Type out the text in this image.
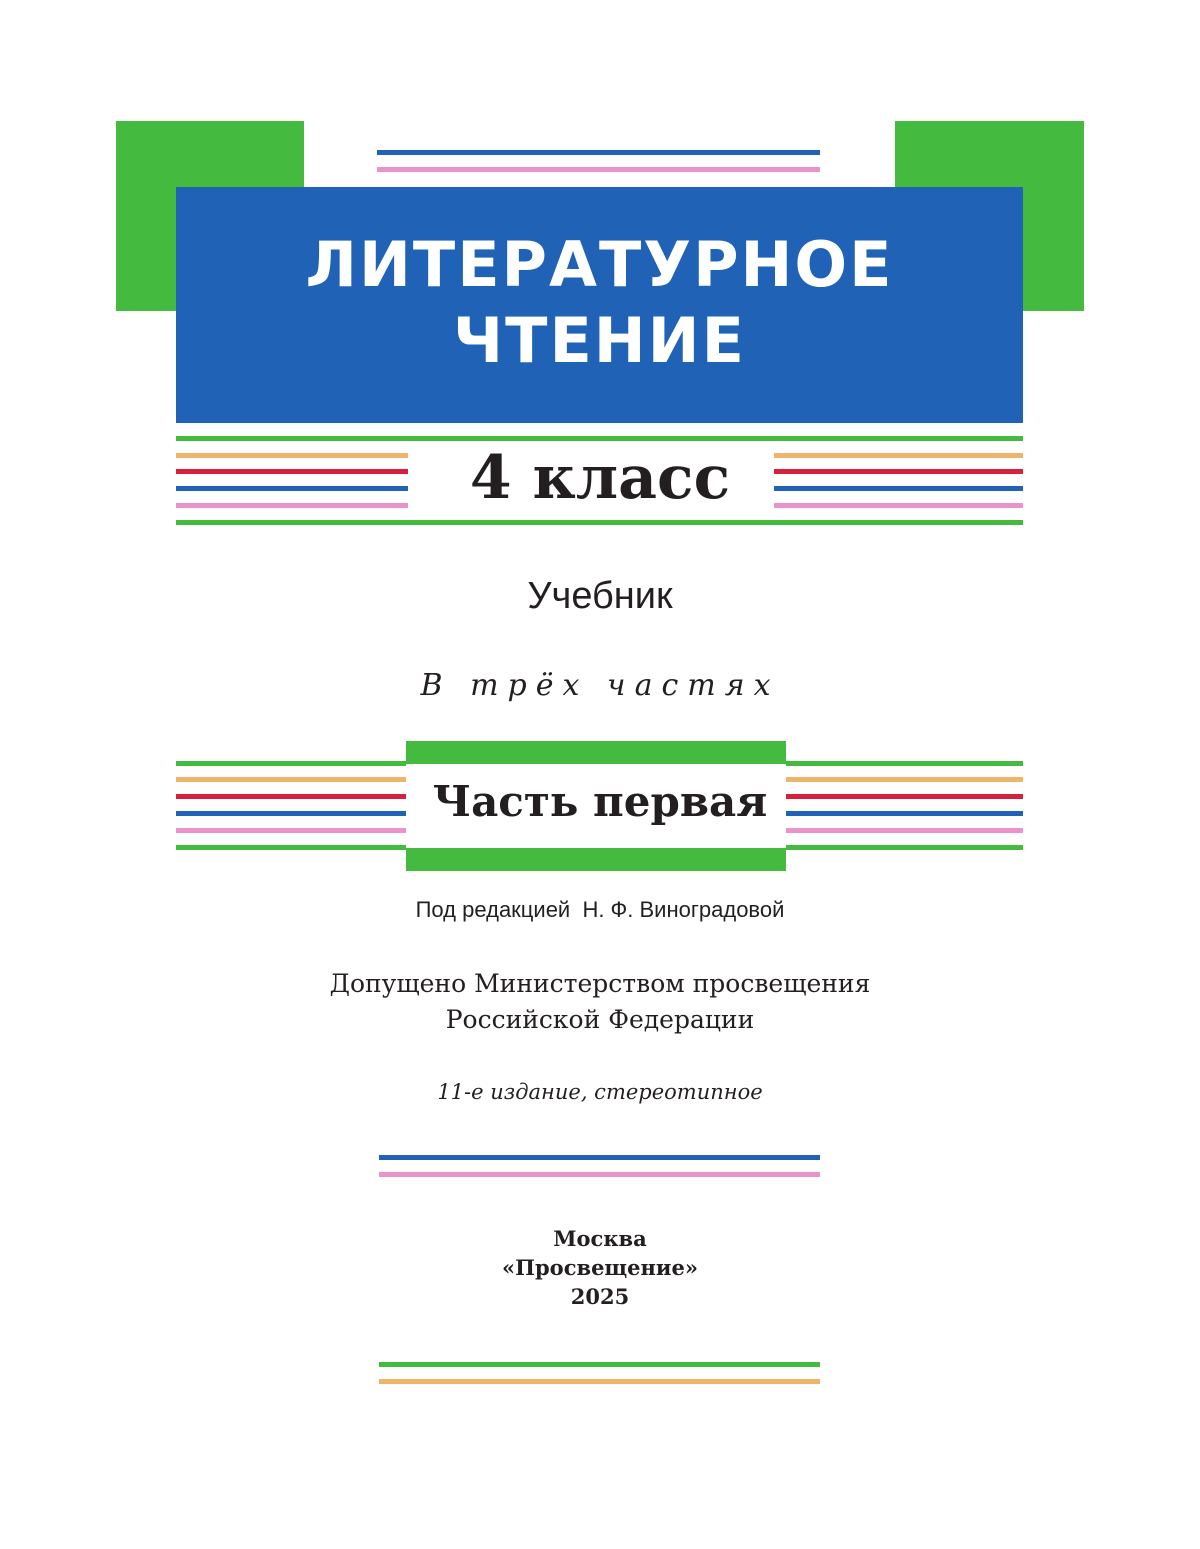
ЛИТЕРАТУРНОЕ
ЧТЕНИЕ
4 класс
Учебник
В трёх частях
Часть первая
Под редакцией  Н. Ф. Виноградовой
Допущено Министерством просвещения
Российской Федерации
11-е издание, стереотипное
Москва
«Просвещение»
2025
